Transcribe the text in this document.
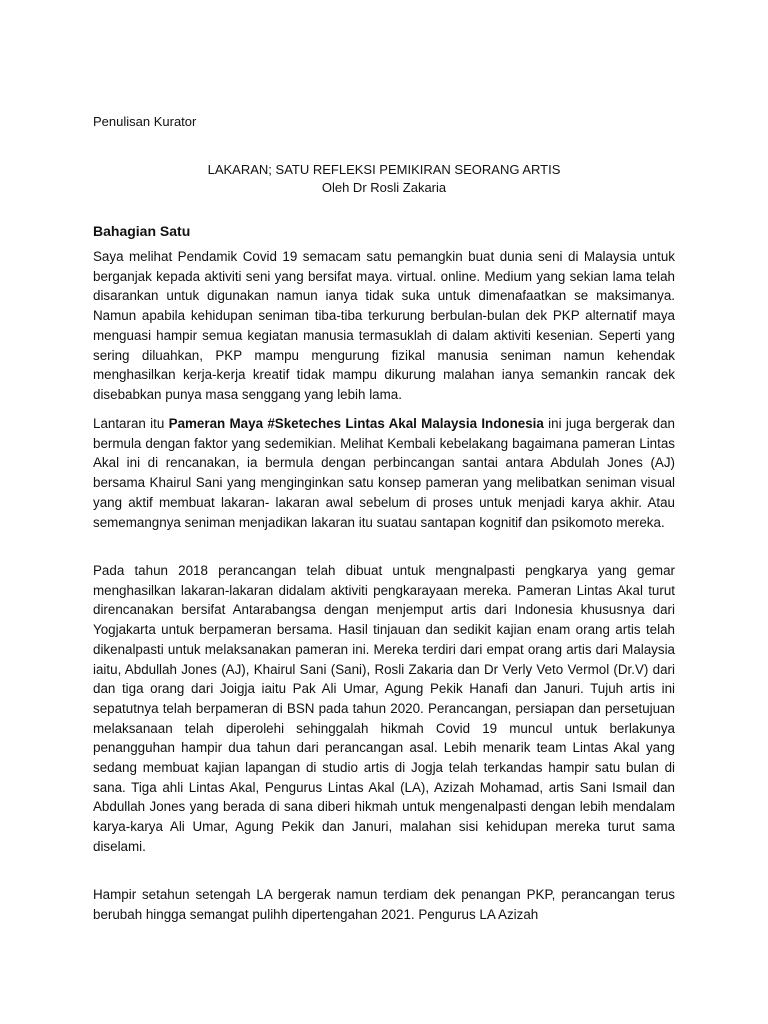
Penulisan Kurator
LAKARAN; SATU REFLEKSI PEMIKIRAN SEORANG ARTIS
Oleh Dr Rosli Zakaria
Bahagian Satu

Saya melihat Pendamik Covid 19 semacam satu pemangkin buat dunia seni di Malaysia untuk berganjak kepada aktiviti seni yang bersifat maya. virtual. online. Medium yang sekian lama telah disarankan untuk digunakan namun ianya tidak suka untuk dimenafaatkan se maksimanya. Namun apabila kehidupan seniman tiba-tiba terkurung berbulan-bulan dek PKP alternatif maya menguasi hampir semua kegiatan manusia termasuklah di dalam aktiviti kesenian. Seperti yang sering diluahkan, PKP mampu mengurung fizikal manusia seniman namun kehendak menghasilkan kerja-kerja kreatif tidak mampu dikurung malahan ianya semankin rancak dek disebabkan punya masa senggang yang lebih lama.

Lantaran itu Pameran Maya #Sketeches Lintas Akal Malaysia Indonesia ini juga bergerak dan bermula dengan faktor yang sedemikian. Melihat Kembali kebelakang bagaimana pameran Lintas Akal ini di rencanakan, ia bermula dengan perbincangan santai antara Abdulah Jones (AJ) bersama Khairul Sani yang menginginkan satu konsep pameran yang melibatkan seniman visual yang aktif membuat lakaran- lakaran awal sebelum di proses untuk menjadi karya akhir. Atau sememangnya seniman menjadikan lakaran itu suatau santapan kognitif dan psikomoto mereka.

Pada tahun 2018 perancangan telah dibuat untuk mengnalpasti pengkarya yang gemar menghasilkan lakaran-lakaran didalam aktiviti pengkarayaan mereka. Pameran Lintas Akal turut direncanakan bersifat Antarabangsa dengan menjemput artis dari Indonesia khususnya dari Yogjakarta untuk berpameran bersama. Hasil tinjauan dan sedikit kajian enam orang artis telah dikenalpasti untuk melaksanakan pameran ini. Mereka terdiri dari empat orang artis dari Malaysia iaitu, Abdullah Jones (AJ), Khairul Sani (Sani), Rosli Zakaria dan Dr Verly Veto Vermol (Dr.V) dari dan tiga orang dari Joigja iaitu Pak Ali Umar, Agung Pekik Hanafi dan Januri. Tujuh artis ini sepatutnya telah berpameran di BSN pada tahun 2020. Perancangan, persiapan dan persetujuan melaksanaan telah diperolehi sehinggalah hikmah Covid 19 muncul untuk berlakunya penangguhan hampir dua tahun dari perancangan asal. Lebih menarik team Lintas Akal yang sedang membuat kajian lapangan di studio artis di Jogja telah terkandas hampir satu bulan di sana. Tiga ahli Lintas Akal, Pengurus Lintas Akal (LA), Azizah Mohamad, artis Sani Ismail dan Abdullah Jones yang berada di sana diberi hikmah untuk mengenalpasti dengan lebih mendalam karya-karya Ali Umar, Agung Pekik dan Januri, malahan sisi kehidupan mereka turut sama diselami.

Hampir setahun setengah LA bergerak namun terdiam dek penangan PKP, perancangan terus berubah hingga semangat pulihh dipertengahan 2021. Pengurus LA Azizah
